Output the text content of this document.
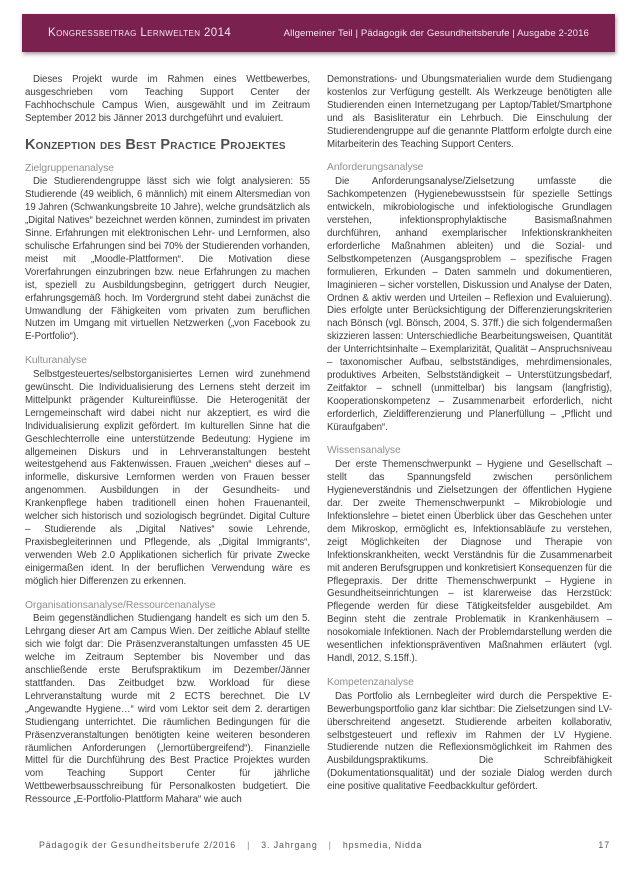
Kongressbeitrag Lernwelten 2014	Allgemeiner Teil | Pädagogik der Gesundheitsberufe | Ausgabe 2-2016

Dieses Projekt wurde im Rahmen eines Wettbewerbes, ausgeschrieben vom Teaching Support Center der Fachhochschule Campus Wien, ausgewählt und im Zeitraum September 2012 bis Jänner 2013 durchgeführt und evaluiert.

Konzeption des Best Practice Projektes
Zielgruppenanalyse

Die Studierendengruppe lässt sich wie folgt analysieren: 55 Studierende (49 weiblich, 6 männlich) mit einem Altersmedian von 19 Jahren (Schwankungsbreite 10 Jahre), welche grundsätzlich als „Digital Natives“ bezeichnet werden können, zumindest im privaten Sinne. Erfahrungen mit elektronischen Lehr- und Lernformen, also schulische Erfahrungen sind bei 70% der Studierenden vorhanden, meist mit „Moodle-Plattformen“. Die Motivation diese Vorerfahrungen einzubringen bzw. neue Erfahrungen zu machen ist, speziell zu Ausbildungsbeginn, getriggert durch Neugier, erfahrungsgemäß hoch. Im Vordergrund steht dabei zunächst die Umwandlung der Fähigkeiten vom privaten zum beruflichen Nutzen im Umgang mit virtuellen Netzwerken („von Facebook zu E-Portfolio“).

Kulturanalyse

Selbstgesteuertes/selbstorganisiertes Lernen wird zunehmend gewünscht. Die Individualisierung des Lernens steht derzeit im Mittelpunkt prägender Kultureinflüsse. Die Heterogenität der Lerngemeinschaft wird dabei nicht nur akzeptiert, es wird die Individualisierung explizit gefördert. Im kulturellen Sinne hat die Geschlechterrolle eine unterstützende Bedeutung: Hygiene im allgemeinen Diskurs und in Lehrveranstaltungen besteht weitestgehend aus Faktenwissen. Frauen „weichen“ dieses auf – informelle, diskursive Lernformen werden von Frauen besser angenommen. Ausbildungen in der Gesundheits- und Krankenpflege haben traditionell einen hohen Frauenanteil, welcher sich historisch und soziologisch begründet. Digital Culture – Studierende als „Digital Natives“ sowie Lehrende, Praxisbegleiterinnen und Pflegende, als „Digital Immigrants“, verwenden Web 2.0 Applikationen sicherlich für private Zwecke einigermaßen ident. In der beruflichen Verwendung wäre es möglich hier Differenzen zu erkennen.

Organisationsanalyse/Ressourcenanalyse

Beim gegenständlichen Studiengang handelt es sich um den 5. Lehrgang dieser Art am Campus Wien. Der zeitliche Ablauf stellte sich wie folgt dar: Die Präsenzveranstaltungen umfassten 45 UE welche im Zeitraum September bis November und das anschließende erste Berufspraktikum im Dezember/Jänner stattfanden. Das Zeitbudget bzw. Workload für diese Lehrveranstaltung wurde mit 2 ECTS berechnet. Die LV „Angewandte Hygiene…“ wird vom Lektor seit dem 2. derartigen Studiengang unterrichtet. Die räumlichen Bedingungen für die Präsenzveranstaltungen benötigten keine weiteren besonderen räumlichen Anforderungen („lernortübergreifend“). Finanzielle Mittel für die Durchführung des Best Practice Projektes wurden vom Teaching Support Center für jährliche Wettbewerbsausschreibung für Personalkosten budgetiert. Die Ressource „E-Portfolio-Plattform Mahara“ wie auch

Demonstrations- und Übungsmaterialien wurde dem Studiengang kostenlos zur Verfügung gestellt. Als Werkzeuge benötigten alle Studierenden einen Internetzugang per Laptop/Tablet/Smartphone und als Basisliteratur ein Lehrbuch. Die Einschulung der Studierendengruppe auf die genannte Plattform erfolgte durch eine Mitarbeiterin des Teaching Support Centers.

Anforderungsanalyse

Die Anforderungsanalyse/Zielsetzung umfasste die Sachkompetenzen (Hygienebewusstsein für spezielle Settings entwickeln, mikrobiologische und infektiologische Grundlagen verstehen, infektionsprophylaktische Basismaßnahmen durchführen, anhand exemplarischer Infektionskrankheiten erforderliche Maßnahmen ableiten) und die Sozial- und Selbstkompetenzen (Ausgangsproblem – spezifische Fragen formulieren, Erkunden – Daten sammeln und dokumentieren, Imaginieren – sicher vorstellen, Diskussion und Analyse der Daten, Ordnen & aktiv werden und Urteilen – Reflexion und Evaluierung). Dies erfolgte unter Berücksichtigung der Differenzierungskriterien nach Bönsch (vgl. Bönsch, 2004, S. 37ff.) die sich folgendermaßen skizzieren lassen: Unterschiedliche Bearbeitungsweisen, Quantität der Unterrichtsinhalte – Exemplarizität, Qualität – Anspruchsniveau – taxonomischer Aufbau, selbstständiges, mehrdimensionales, produktives Arbeiten, Selbstständigkeit – Unterstützungsbedarf, Zeitfaktor – schnell (unmittelbar) bis langsam (langfristig), Kooperationskompetenz – Zusammenarbeit erforderlich, nicht erforderlich, Zieldifferenzierung und Planerfüllung – „Pflicht und Küraufgaben“.

Wissensanalyse

Der erste Themenschwerpunkt – Hygiene und Gesellschaft – stellt das Spannungsfeld zwischen persönlichem Hygieneverständnis und Zielsetzungen der öffentlichen Hygiene dar. Der zweite Themenschwerpunkt – Mikrobiologie und Infektionslehre – bietet einen Überblick über das Geschehen unter dem Mikroskop, ermöglicht es, Infektionsabläufe zu verstehen, zeigt Möglichkeiten der Diagnose und Therapie von Infektionskrankheiten, weckt Verständnis für die Zusammenarbeit mit anderen Berufsgruppen und konkretisiert Konsequenzen für die Pflegepraxis. Der dritte Themenschwerpunkt – Hygiene in Gesundheitseinrichtungen – ist klarerweise das Herzstück: Pflegende werden für diese Tätigkeitsfelder ausgebildet. Am Beginn steht die zentrale Problematik in Krankenhäusern – nosokomiale Infektionen. Nach der Problemdarstellung werden die wesentlichen infektionspräventiven Maßnahmen erläutert (vgl. Handl, 2012, S.15ff.).

Kompetenzanalyse

Das Portfolio als Lernbegleiter wird durch die Perspektive E-Bewerbungsportfolio ganz klar sichtbar: Die Zielsetzungen sind LV-überschreitend angesetzt. Studierende arbeiten kollaborativ, selbstgesteuert und reflexiv im Rahmen der LV Hygiene. Studierende nutzen die Reflexionsmöglichkeit im Rahmen des Ausbildungspraktikums. Die Schreibfähigkeit (Dokumentationsqualität) und der soziale Dialog werden durch eine positive qualitative Feedbackkultur gefördert.

Pädagogik der Gesundheitsberufe 2/2016 | 3. Jahrgang | hpsmedia, Nidda	17
